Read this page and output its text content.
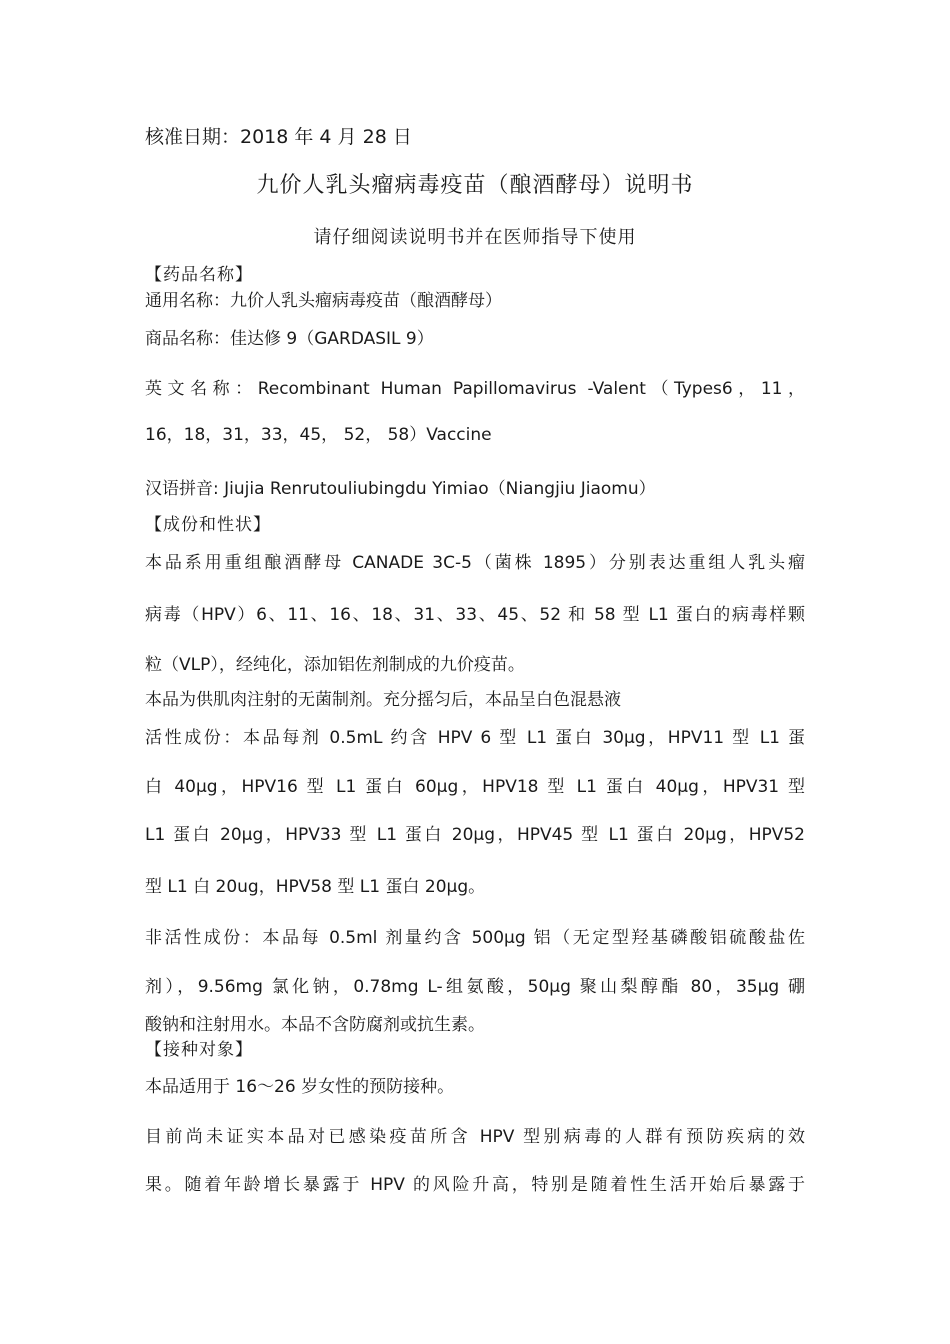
核准日期：2018 年 4 月 28 日
九价人乳头瘤病毒疫苗（酿酒酵母）说明书
请仔细阅读说明书并在医师指导下使用
【药品名称】
通用名称：九价人乳头瘤病毒疫苗（酿酒酵母）
商品名称：佳达修 9（GARDASIL 9）
英文名称：Recombinant Human Papillomavirus -Valent（Types6，11，
16，18，31，33，45， 52， 58）Vaccine
汉语拼音: Jiujia Renrutouliubingdu Yimiao（Niangjiu Jiaomu）
【成份和性状】
本品系用重组酿酒酵母 CANADE 3C-5（菌株 1895）分别表达重组人乳头瘤
病毒（HPV）6、11、16、18、31、33、45、52 和 58 型 L1 蛋白的病毒样颗
粒（VLP），经纯化，添加铝佐剂制成的九价疫苗。
本品为供肌肉注射的无菌制剂。充分摇匀后，本品呈白色混悬液
活性成份：本品每剂 0.5mL 约含 HPV 6 型 L1 蛋白 30μg，HPV11 型 L1 蛋
白 40μg，HPV16 型 L1 蛋白 60μg，HPV18 型 L1 蛋白 40μg，HPV31 型
L1 蛋白 20μg，HPV33 型 L1 蛋白 20μg，HPV45 型 L1 蛋白 20μg，HPV52
型 L1 白 20ug，HPV58 型 L1 蛋白 20μg。
非活性成份：本品每 0.5ml 剂量约含 500μg 铝（无定型羟基磷酸铝硫酸盐佐
剂），9.56mg 氯化钠，0.78mg L-组氨酸，50μg 聚山梨醇酯 80，35μg 硼
酸钠和注射用水。本品不含防腐剂或抗生素。
【接种对象】
本品适用于 16～26 岁女性的预防接种。
目前尚未证实本品对已感染疫苗所含 HPV 型别病毒的人群有预防疾病的效
果。随着年龄增长暴露于 HPV 的风险升高，特别是随着性生活开始后暴露于
